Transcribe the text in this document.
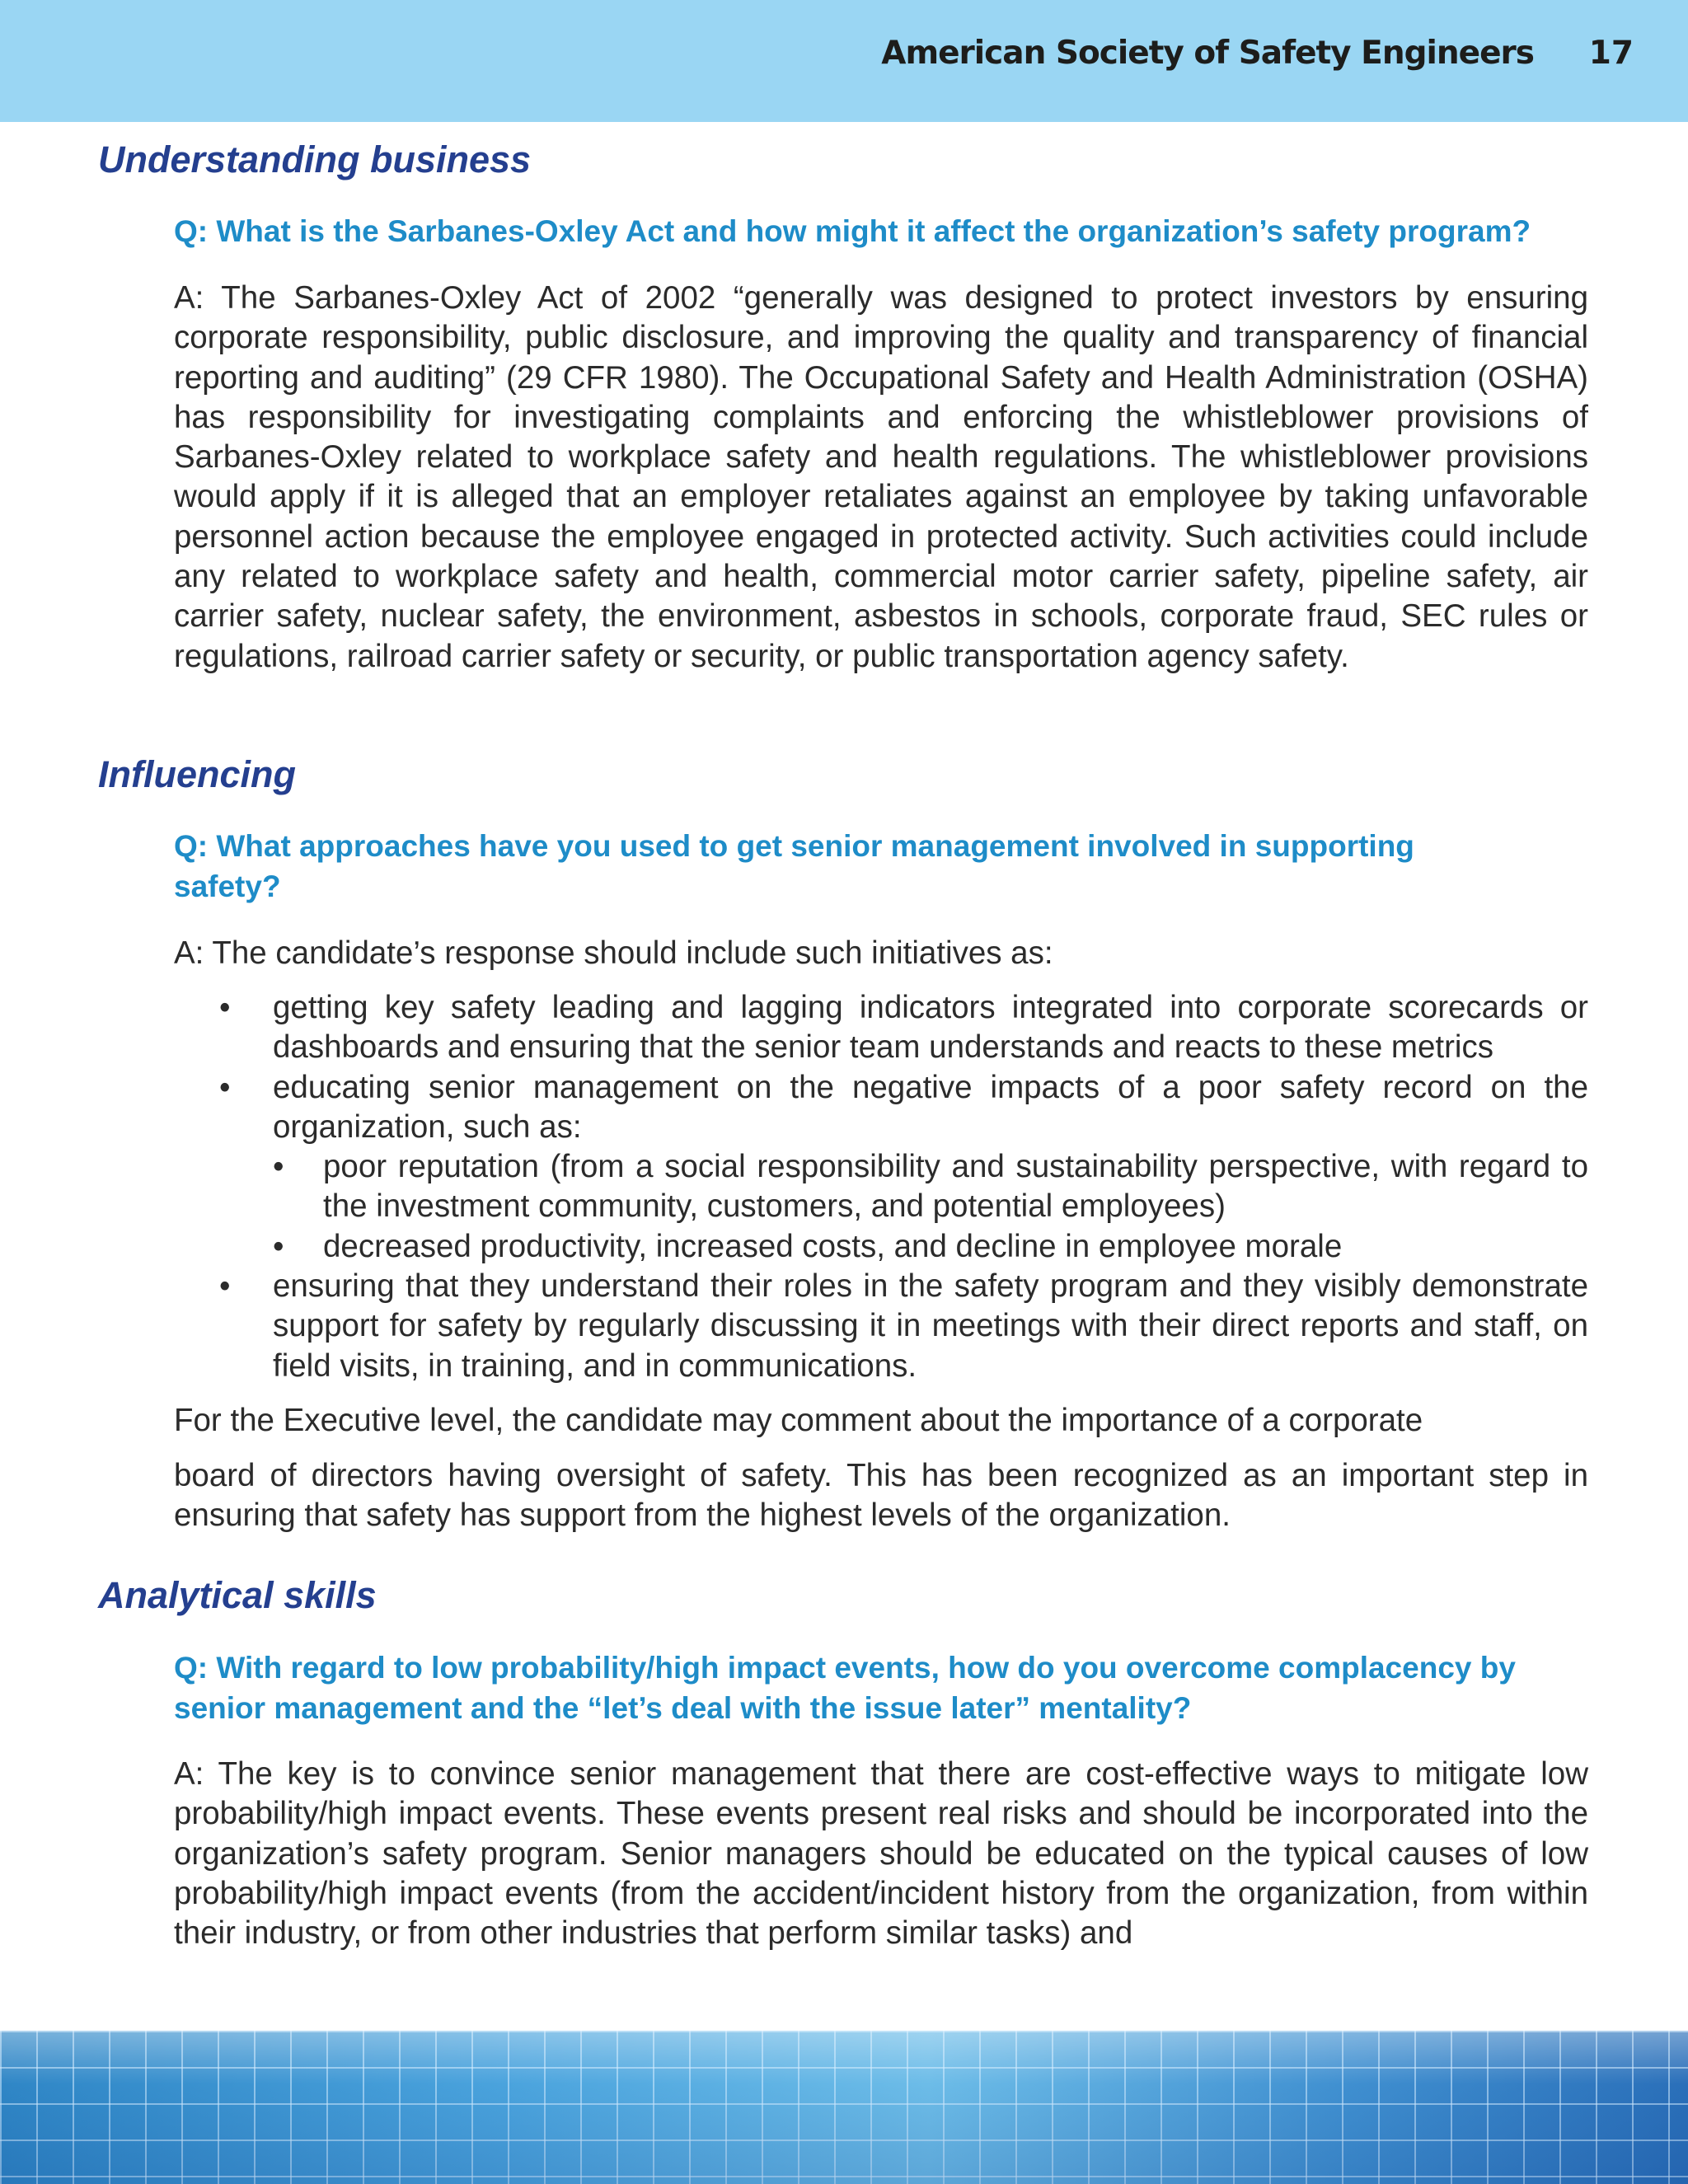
American Society of Safety Engineers 17
Understanding business

Q: What is the Sarbanes-Oxley Act and how might it affect the organization’s safety program?

A: The Sarbanes-Oxley Act of 2002 “generally was designed to protect investors by ensuring corporate responsibility, public disclosure, and improving the quality and transparency of financial reporting and auditing” (29 CFR 1980). The Occupational Safety and Health Administration (OSHA) has responsibility for investigating complaints and enforcing the whistleblower provisions of Sarbanes-Oxley related to workplace safety and health regulations. The whistleblower provisions would apply if it is alleged that an employer retaliates against an employee by taking unfavorable personnel action because the employee engaged in protected activity. Such activities could include any related to workplace safety and health, commercial motor carrier safety, pipeline safety, air carrier safety, nuclear safety, the environment, asbestos in schools, corporate fraud, SEC rules or regulations, railroad carrier safety or security, or public transportation agency safety.

Influencing

Q: What approaches have you used to get senior management involved in supporting safety?

A: The candidate’s response should include such initiatives as:

•	getting key safety leading and lagging indicators integrated into corporate scorecards or dashboards and ensuring that the senior team understands and reacts to these metrics
•	educating senior management on the negative impacts of a poor safety record on the organization, such as:
•	poor reputation (from a social responsibility and sustainability perspective, with regard to the investment community, customers, and potential employees)
•	decreased productivity, increased costs, and decline in employee morale
•	ensuring that they understand their roles in the safety program and they visibly demonstrate support for safety by regularly discussing it in meetings with their direct reports and staff, on field visits, in training, and in communications.

For the Executive level, the candidate may comment about the importance of a corporate

board of directors having oversight of safety. This has been recognized as an important step in ensuring that safety has support from the highest levels of the organization.

Analytical skills

Q: With regard to low probability/high impact events, how do you overcome complacency by senior management and the “let’s deal with the issue later” mentality?

A: The key is to convince senior management that there are cost-effective ways to mitigate low probability/high impact events. These events present real risks and should be incorporated into the organization’s safety program. Senior managers should be educated on the typical causes of low probability/high impact events (from the accident/incident history from the organization, from within their industry, or from other industries that perform similar tasks) and
